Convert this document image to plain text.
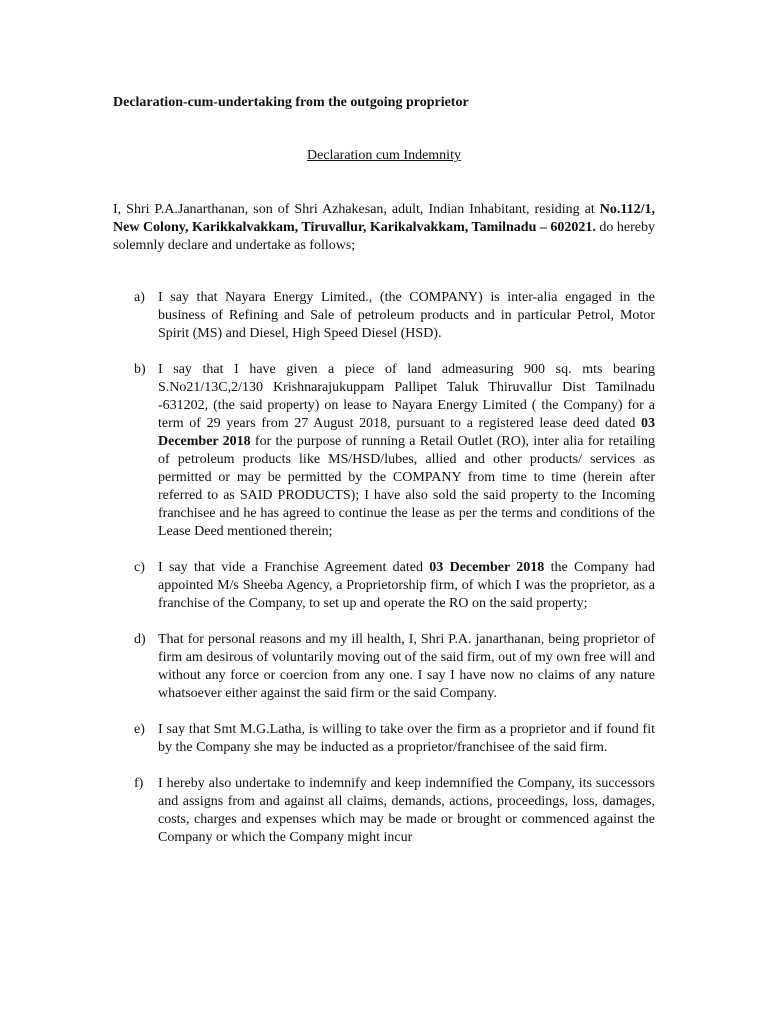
Declaration-cum-undertaking from the outgoing proprietor
Declaration cum Indemnity

I, Shri P.A.Janarthanan, son of Shri Azhakesan, adult, Indian Inhabitant, residing at No.112/1, New Colony, Karikkalvakkam, Tiruvallur, Karikalvakkam, Tamilnadu – 602021. do hereby solemnly declare and undertake as follows;

a) I say that Nayara Energy Limited., (the COMPANY) is inter-alia engaged in the business of Refining and Sale of petroleum products and in particular Petrol, Motor Spirit (MS) and Diesel, High Speed Diesel (HSD).
b) I say that I have given a piece of land admeasuring 900 sq. mts bearing S.No21/13C,2/130 Krishnarajukuppam Pallipet Taluk Thiruvallur Dist Tamilnadu -631202, (the said property) on lease to Nayara Energy Limited ( the Company) for a term of 29 years from 27 August 2018, pursuant to a registered lease deed dated 03 December 2018 for the purpose of running a Retail Outlet (RO), inter alia for retailing of petroleum products like MS/HSD/lubes, allied and other products/ services as permitted or may be permitted by the COMPANY from time to time (herein after referred to as SAID PRODUCTS); I have also sold the said property to the Incoming franchisee and he has agreed to continue the lease as per the terms and conditions of the Lease Deed mentioned therein;
c) I say that vide a Franchise Agreement dated 03 December 2018 the Company had appointed M/s Sheeba Agency, a Proprietorship firm, of which I was the proprietor, as a franchise of the Company, to set up and operate the RO on the said property;
d) That for personal reasons and my ill health, I, Shri P.A. janarthanan, being proprietor of firm am desirous of voluntarily moving out of the said firm, out of my own free will and without any force or coercion from any one. I say I have now no claims of any nature whatsoever either against the said firm or the said Company.
e) I say that Smt M.G.Latha, is willing to take over the firm as a proprietor and if found fit by the Company she may be inducted as a proprietor/franchisee of the said firm.
f) I hereby also undertake to indemnify and keep indemnified the Company, its successors and assigns from and against all claims, demands, actions, proceedings, loss, damages, costs, charges and expenses which may be made or brought or commenced against the Company or which the Company might incur
